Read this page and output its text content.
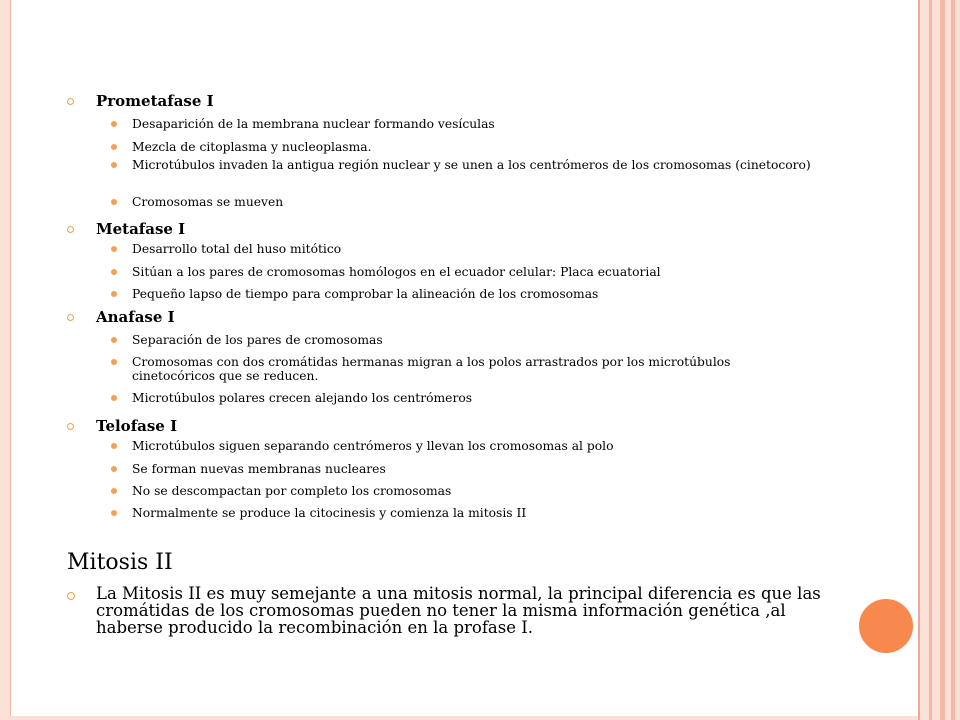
Prometafase I
Desaparición de la membrana nuclear formando vesículas
Mezcla de citoplasma y nucleoplasma.
Microtúbulos invaden la antigua región nuclear y se unen a los centrómeros de los cromosomas (cinetocoro)
Cromosomas se mueven
Metafase I
Desarrollo total del huso mitótico
Sitúan a los pares de cromosomas homólogos en el ecuador celular: Placa ecuatorial
Pequeño lapso de tiempo para comprobar la alineación de los cromosomas
Anafase I
Separación de los pares de cromosomas
Cromosomas con dos cromátidas hermanas migran a los polos arrastrados por los microtúbulos cinetocóricos que se reducen.
Microtúbulos polares crecen alejando los centrómeros
Telofase I
Microtúbulos siguen separando centrómeros y llevan los cromosomas al polo
Se forman nuevas membranas nucleares
No se descompactan por completo los cromosomas
Normalmente se produce la citocinesis y comienza la mitosis II
Mitosis II
La Mitosis II es muy semejante a una mitosis normal, la principal diferencia es que las cromátidas de los cromosomas pueden no tener la misma información genética ,al haberse producido la recombinación en la profase I.
